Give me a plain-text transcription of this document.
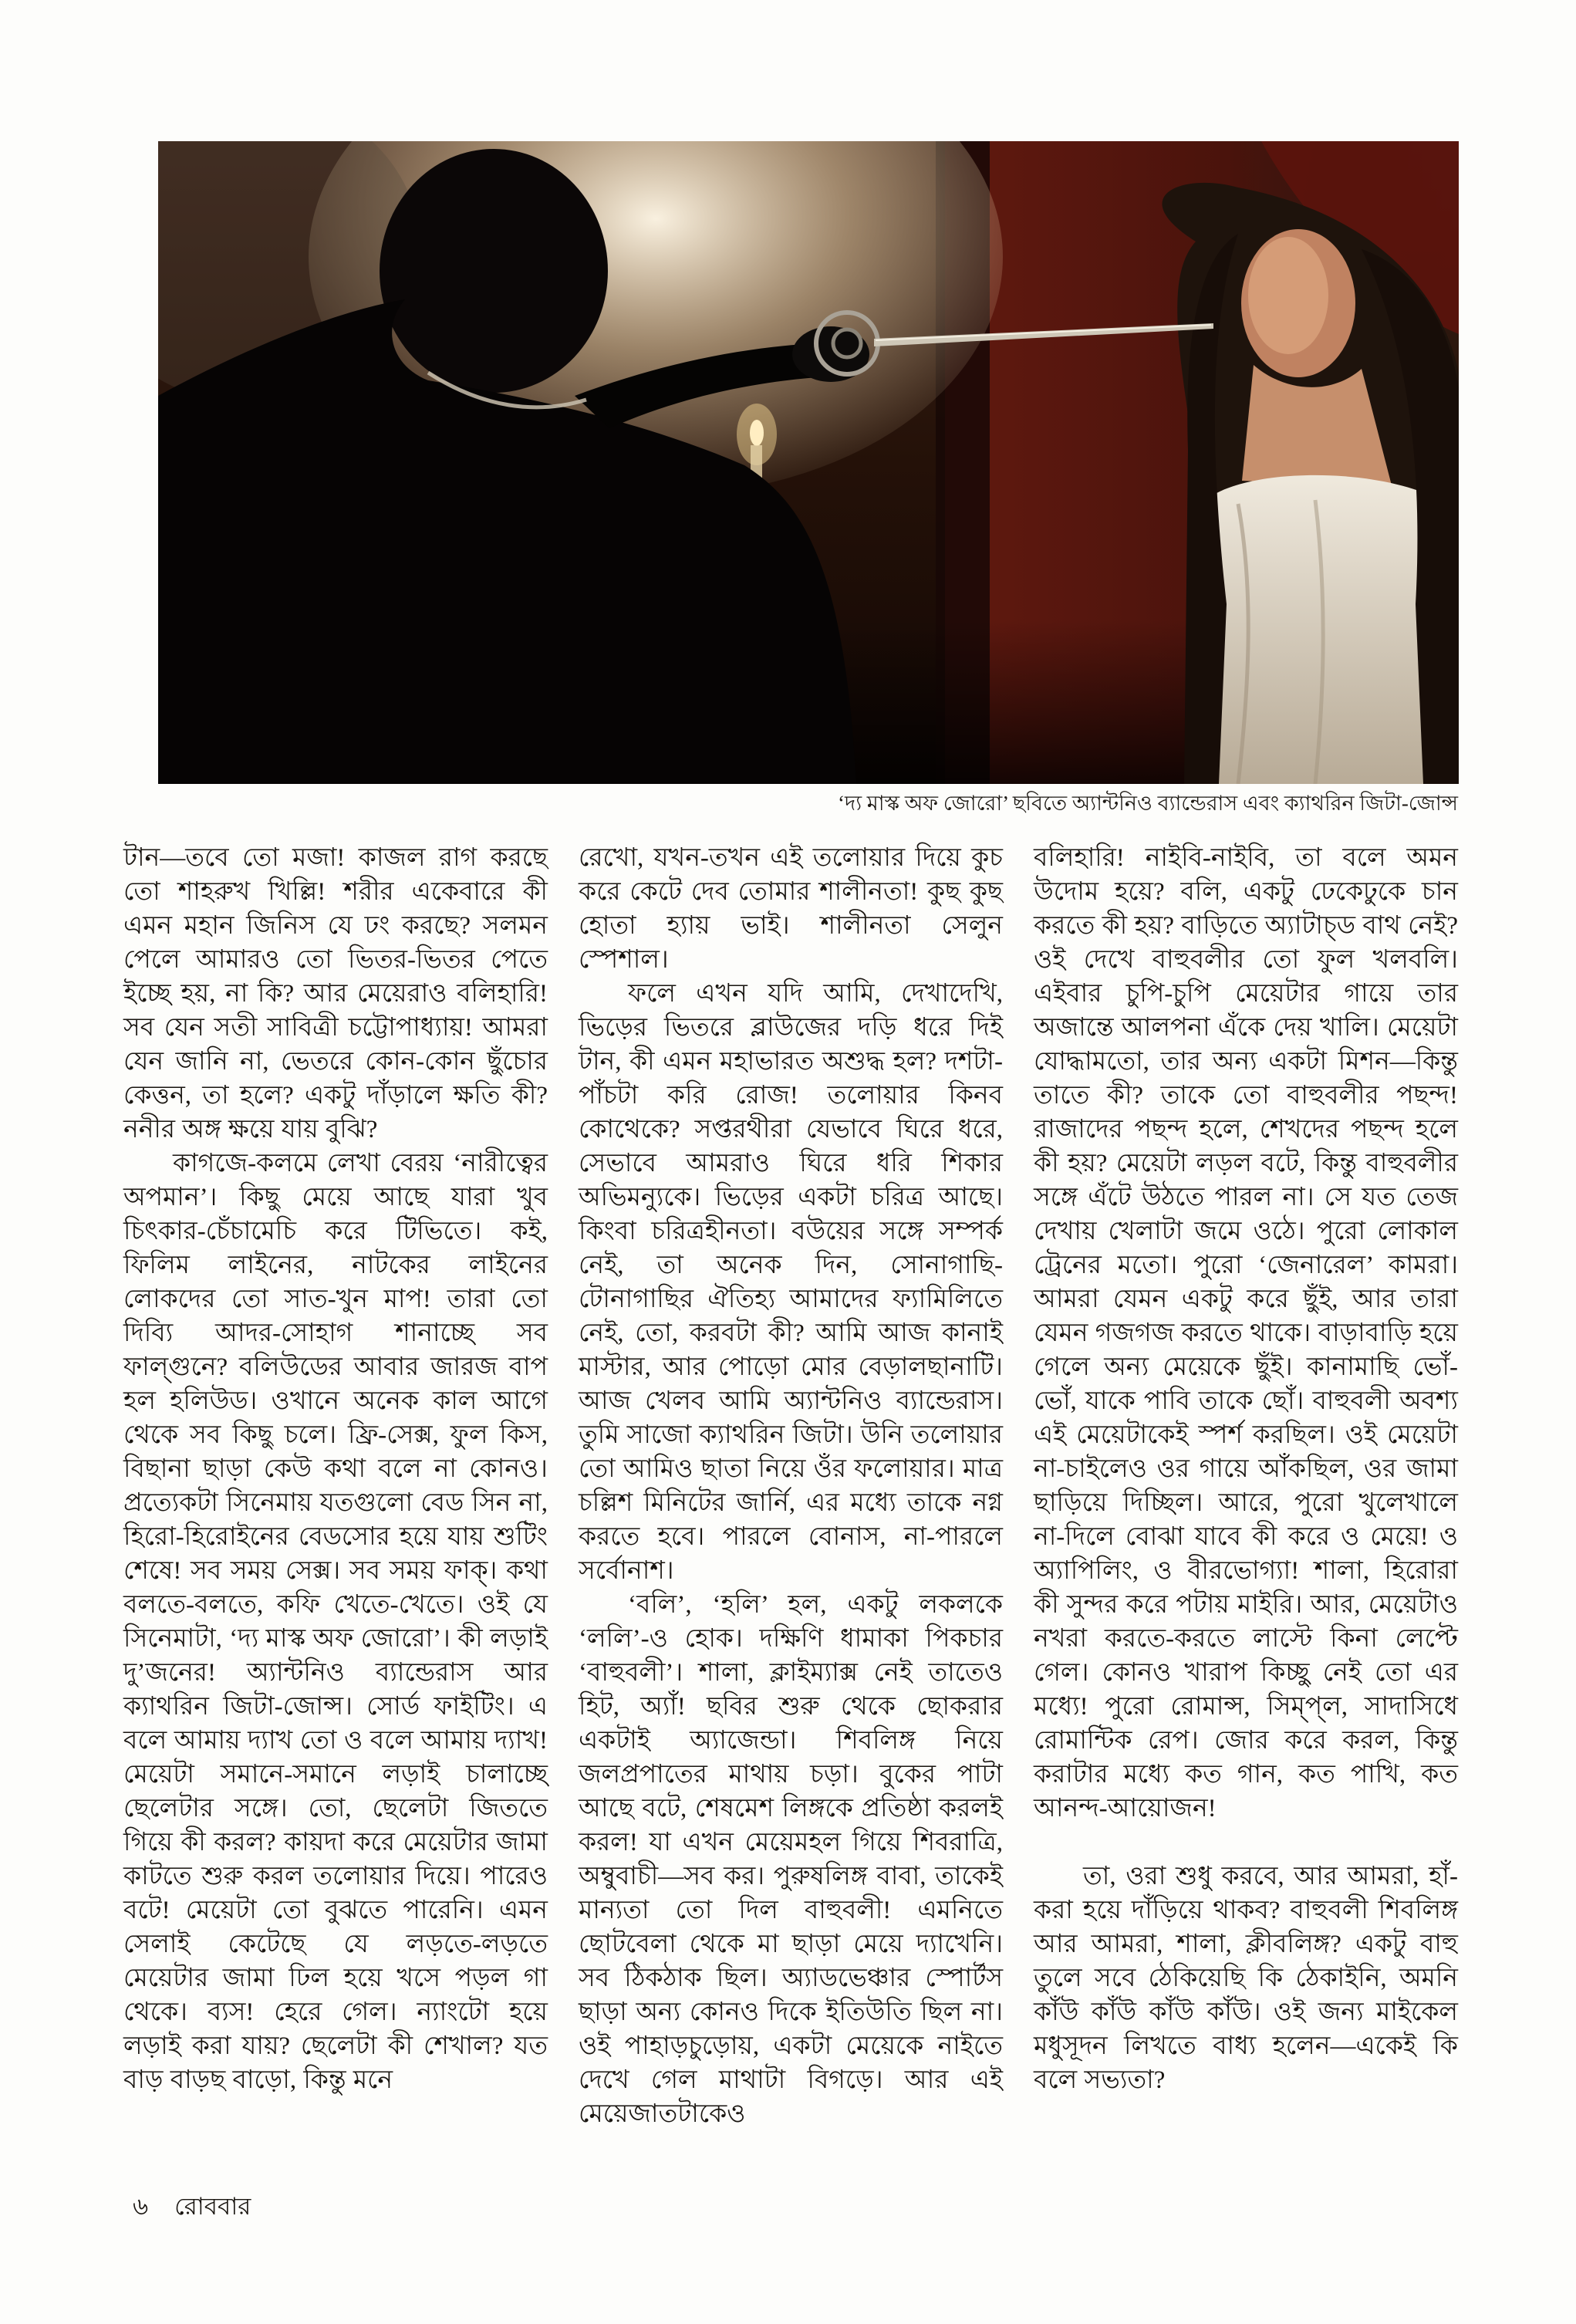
‘দ্য মাস্ক অফ জোরো’ ছবিতে অ্যান্টনিও ব্যান্ডেরাস এবং ক্যাথরিন জিটা-জোন্স

টান—তবে তো মজা! কাজল রাগ করছে তো শাহরুখ খিল্লি! শরীর একেবারে কী এমন মহান জিনিস যে ঢং করছে? সলমন পেলে আমারও তো ভিতর-ভিতর পেতে ইচ্ছে হয়, না কি? আর মেয়েরাও বলিহারি! সব যেন সতী সাবিত্রী চট্টোপাধ্যায়! আমরা যেন জানি না, ভেতরে কোন-কোন ছুঁচোর কেত্তন, তা হলে? একটু দাঁড়ালে ক্ষতি কী? ননীর অঙ্গ ক্ষয়ে যায় বুঝি?

কাগজে-কলমে লেখা বেরয় ‘নারীত্বের অপমান’। কিছু মেয়ে আছে যারা খুব চিৎকার-চেঁচামেচি করে টিভিতে। কই, ফিলিম লাইনের, নাটকের লাইনের লোকদের তো সাত-খুন মাপ! তারা তো দিব্যি আদর-সোহাগ শানাচ্ছে সব ফাল্গুনে? বলিউডের আবার জারজ বাপ হল হলিউড। ওখানে অনেক কাল আগে থেকে সব কিছু চলে। ফ্রি-সেক্স, ফুল কিস, বিছানা ছাড়া কেউ কথা বলে না কোনও। প্রত্যেকটা সিনেমায় যতগুলো বেড সিন না, হিরো-হিরোইনের বেডসোর হয়ে যায় শুটিং শেষে! সব সময় সেক্স। সব সময় ফাক্‌। কথা বলতে-বলতে, কফি খেতে-খেতে। ওই যে সিনেমাটা, ‘দ্য মাস্ক অফ জোরো’। কী লড়াই দু’জনের! অ্যান্টনিও ব্যান্ডেরাস আর ক্যাথরিন জিটা-জোন্স। সোর্ড ফাইটিং। এ বলে আমায় দ্যাখ তো ও বলে আমায় দ্যাখ! মেয়েটা সমানে-সমানে লড়াই চালাচ্ছে ছেলেটার সঙ্গে। তো, ছেলেটা জিততে গিয়ে কী করল? কায়দা করে মেয়েটার জামা কাটতে শুরু করল তলোয়ার দিয়ে। পারেও বটে! মেয়েটা তো বুঝতে পারেনি। এমন সেলাই কেটেছে যে লড়তে-লড়তে মেয়েটার জামা ঢিল হয়ে খসে পড়ল গা থেকে। ব্যস! হেরে গেল। ন্যাংটো হয়ে লড়াই করা যায়? ছেলেটা কী শেখাল? যত বাড় বাড়ছ বাড়ো, কিন্তু মনে

রেখো, যখন-তখন এই তলোয়ার দিয়ে কুচ করে কেটে দেব তোমার শালীনতা! কুছ কুছ হোতা হ্যায় ভাই। শালীনতা সেলুন স্পেশাল।

ফলে এখন যদি আমি, দেখাদেখি, ভিড়ের ভিতরে ব্লাউজের দড়ি ধরে দিই টান, কী এমন মহাভারত অশুদ্ধ হল? দশটা-পাঁচটা করি রোজ! তলোয়ার কিনব কোথেকে? সপ্তরথীরা যেভাবে ঘিরে ধরে, সেভাবে আমরাও ঘিরে ধরি শিকার অভিমন্যুকে। ভিড়ের একটা চরিত্র আছে। কিংবা চরিত্রহীনতা। বউয়ের সঙ্গে সম্পর্ক নেই, তা অনেক দিন, সোনাগাছি-টোনাগাছির ঐতিহ্য আমাদের ফ্যামিলিতে নেই, তো, করবটা কী? আমি আজ কানাই মাস্টার, আর পোড়ো মোর বেড়ালছানাটি। আজ খেলব আমি অ্যান্টনিও ব্যান্ডেরাস। তুমি সাজো ক্যাথরিন জিটা। উনি তলোয়ার তো আমিও ছাতা নিয়ে ওঁর ফলোয়ার। মাত্র চল্লিশ মিনিটের জার্নি, এর মধ্যে তাকে নগ্ন করতে হবে। পারলে বোনাস, না-পারলে সর্বোনাশ।

‘বলি’, ‘হলি’ হল, একটু লকলকে ‘ললি’-ও হোক। দক্ষিণি ধামাকা পিকচার ‘বাহুবলী’। শালা, ক্লাইম্যাক্স নেই তাতেও হিট, অ্যাঁ! ছবির শুরু থেকে ছোকরার একটাই অ্যাজেন্ডা। শিবলিঙ্গ নিয়ে জলপ্রপাতের মাথায় চড়া। বুকের পাটা আছে বটে, শেষমেশ লিঙ্গকে প্রতিষ্ঠা করলই করল! যা এখন মেয়েমহল গিয়ে শিবরাত্রি, অম্বুবাচী—সব কর। পুরুষলিঙ্গ বাবা, তাকেই মান্যতা তো দিল বাহুবলী! এমনিতে ছোটবেলা থেকে মা ছাড়া মেয়ে দ্যাখেনি। সব ঠিকঠাক ছিল। অ্যাডভেঞ্চার স্পোর্টস ছাড়া অন্য কোনও দিকে ইতিউতি ছিল না। ওই পাহাড়চুড়োয়, একটা মেয়েকে নাইতে দেখে গেল মাথাটা বিগড়ে। আর এই মেয়েজাতটাকেও

বলিহারি! নাইবি-নাইবি, তা বলে অমন উদোম হয়ে? বলি, একটু ঢেকেঢুকে চান করতে কী হয়? বাড়িতে অ্যাটাচ্‌ড বাথ নেই? ওই দেখে বাহুবলীর তো ফুল খলবলি। এইবার চুপি-চুপি মেয়েটার গায়ে তার অজান্তে আলপনা এঁকে দেয় খালি। মেয়েটা যোদ্ধামতো, তার অন্য একটা মিশন—কিন্তু তাতে কী? তাকে তো বাহুবলীর পছন্দ! রাজাদের পছন্দ হলে, শেখদের পছন্দ হলে কী হয়? মেয়েটা লড়ল বটে, কিন্তু বাহুবলীর সঙ্গে এঁটে উঠতে পারল না। সে যত তেজ দেখায় খেলাটা জমে ওঠে। পুরো লোকাল ট্রেনের মতো। পুরো ‘জেনারেল’ কামরা। আমরা যেমন একটু করে ছুঁই, আর তারা যেমন গজগজ করতে থাকে। বাড়াবাড়ি হয়ে গেলে অন্য মেয়েকে ছুঁই। কানামাছি ভোঁ-ভোঁ, যাকে পাবি তাকে ছোঁ। বাহুবলী অবশ্য এই মেয়েটাকেই স্পর্শ করছিল। ওই মেয়েটা না-চাইলেও ওর গায়ে আঁকছিল, ওর জামা ছাড়িয়ে দিচ্ছিল। আরে, পুরো খুলেখালে না-দিলে বোঝা যাবে কী করে ও মেয়ে! ও অ্যাপিলিং, ও বীরভোগ্যা! শালা, হিরোরা কী সুন্দর করে পটায় মাইরি। আর, মেয়েটাও নখরা করতে-করতে লাস্টে কিনা লেপ্টে গেল। কোনও খারাপ কিচ্ছু নেই তো এর মধ্যে! পুরো রোমান্স, সিম্প্‌ল, সাদাসিধে রোমান্টিক রেপ। জোর করে করল, কিন্তু করাটার মধ্যে কত গান, কত পাখি, কত আনন্দ-আয়োজন!

তা, ওরা শুধু করবে, আর আমরা, হাঁ-করা হয়ে দাঁড়িয়ে থাকব? বাহুবলী শিবলিঙ্গ আর আমরা, শালা, ক্লীবলিঙ্গ? একটু বাহু তুলে সবে ঠেকিয়েছি কি ঠেকাইনি, অমনি কাঁউ কাঁউ কাঁউ কাঁউ। ওই জন্য মাইকেল মধুসূদন লিখতে বাধ্য হলেন—একেই কি বলে সভ্যতা?

৬ রোববার
